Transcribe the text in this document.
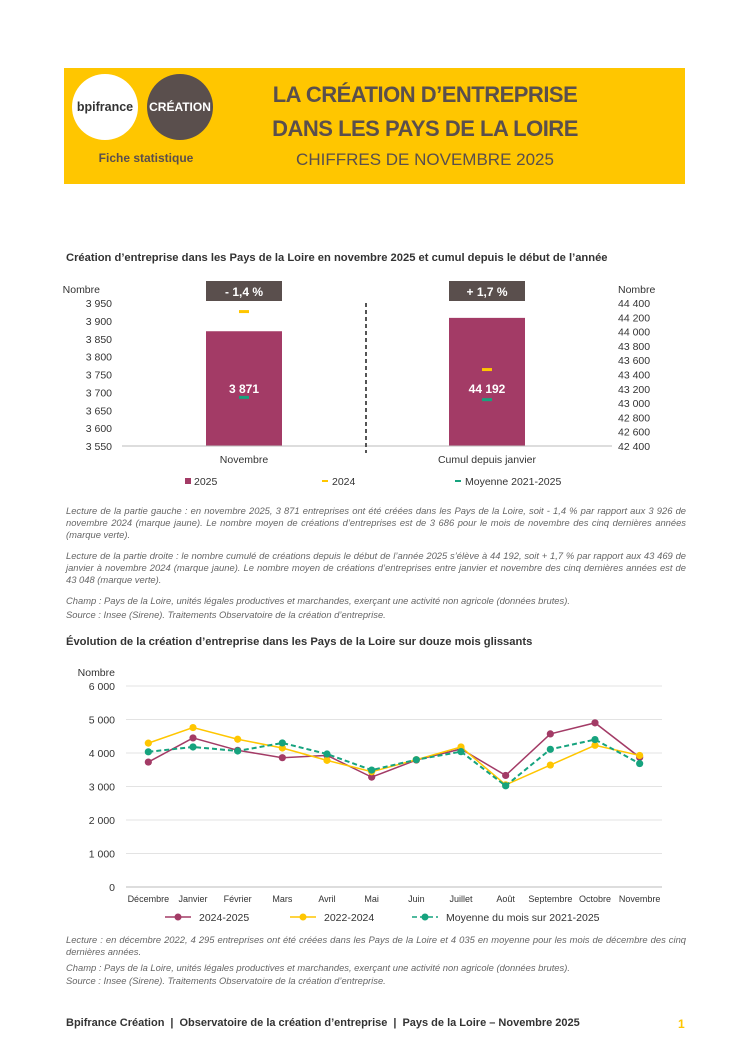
bpifrance CRÉATION
Fiche statistique
LA CRÉATION D’ENTREPRISE
DANS LES PAYS DE LA LOIRE
CHIFFRES DE NOVEMBRE 2025
Création d’entreprise dans les Pays de la Loire en novembre 2025 et cumul depuis le début de l’année
Nombre
3 950
3 900
3 850
3 800
3 750
3 700
3 650
3 600
3 550
3 871
- 1,4 %
Novembre
Nombre
44 400
44 200
44 000
43 800
43 600
43 400
43 200
43 000
42 800
42 600
42 400
44 192
+ 1,7 %
Cumul depuis janvier
2025	2024	Moyenne 2021-2025
Lecture de la partie gauche : en novembre 2025, 3 871 entreprises ont été créées dans les Pays de la Loire, soit - 1,4 % par rapport aux 3 926 de novembre 2024 (marque jaune). Le nombre moyen de créations d’entreprises est de 3 686 pour le mois de novembre des cinq dernières années (marque verte).
Lecture de la partie droite : le nombre cumulé de créations depuis le début de l’année 2025 s’élève à 44 192, soit + 1,7 % par rapport aux 43 469 de janvier à novembre 2024 (marque jaune). Le nombre moyen de créations d’entreprises entre janvier et novembre des cinq dernières années est de 43 048 (marque verte).
Champ : Pays de la Loire, unités légales productives et marchandes, exerçant une activité non agricole (données brutes).
Source : Insee (Sirene). Traitements Observatoire de la création d’entreprise.
Évolution de la création d’entreprise dans les Pays de la Loire sur douze mois glissants
Nombre
6 000
5 000
4 000
3 000
2 000
1 000
0
Décembre Janvier Février Mars	Avril	Mai	Juin	Juillet	Août Septembre Octobre Novembre
2024-2025	2022-2024	Moyenne du mois sur 2021-2025
Lecture : en décembre 2022, 4 295 entreprises ont été créées dans les Pays de la Loire et 4 035 en moyenne pour les mois de décembre des cinq dernières années.
Champ : Pays de la Loire, unités légales productives et marchandes, exerçant une activité non agricole (données brutes).
Source : Insee (Sirene). Traitements Observatoire de la création d’entreprise.
Bpifrance Création | Observatoire de la création d’entreprise | Pays de la Loire – Novembre 2025	1
